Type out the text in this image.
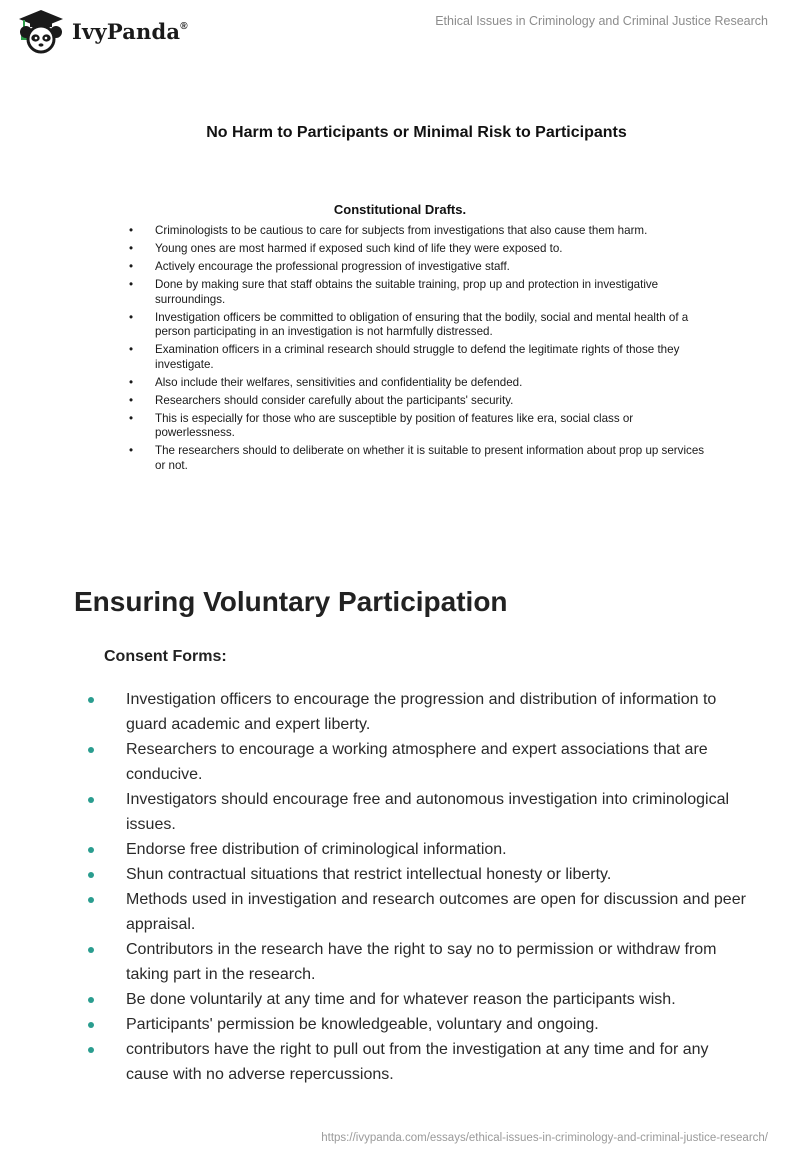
IvyPanda®	Ethical Issues in Criminology and Criminal Justice Research
No Harm to Participants or Minimal Risk to Participants
Constitutional Drafts.
• Criminologists to be cautious to care for subjects from investigations that also cause them harm.
• Young ones are most harmed if exposed such kind of life they were exposed to.
• Actively encourage the professional progression of investigative staff.
• Done by making sure that staff obtains the suitable training, prop up and protection in investigative surroundings.
• Investigation officers be committed to obligation of ensuring that the bodily, social and mental health of a person participating in an investigation is not harmfully distressed.
• Examination officers in a criminal research should struggle to defend the legitimate rights of those they investigate.
• Also include their welfares, sensitivities and confidentiality be defended.
• Researchers should consider carefully about the participants' security.
• This is especially for those who are susceptible by position of features like era, social class or powerlessness.
• The researchers should to deliberate on whether it is suitable to present information about prop up services or not.
Ensuring Voluntary Participation
Consent Forms:
Investigation officers to encourage the progression and distribution of information to guard academic and expert liberty.
Researchers to encourage a working atmosphere and expert associations that are conducive.
Investigators should encourage free and autonomous investigation into criminological issues.
Endorse free distribution of criminological information.
Shun contractual situations that restrict intellectual honesty or liberty.
Methods used in investigation and research outcomes are open for discussion and peer appraisal.
Contributors in the research have the right to say no to permission or withdraw from taking part in the research.
Be done voluntarily at any time and for whatever reason the participants wish.
Participants' permission be knowledgeable, voluntary and ongoing.
contributors have the right to pull out from the investigation at any time and for any cause with no adverse repercussions.
https://ivypanda.com/essays/ethical-issues-in-criminology-and-criminal-justice-research/
